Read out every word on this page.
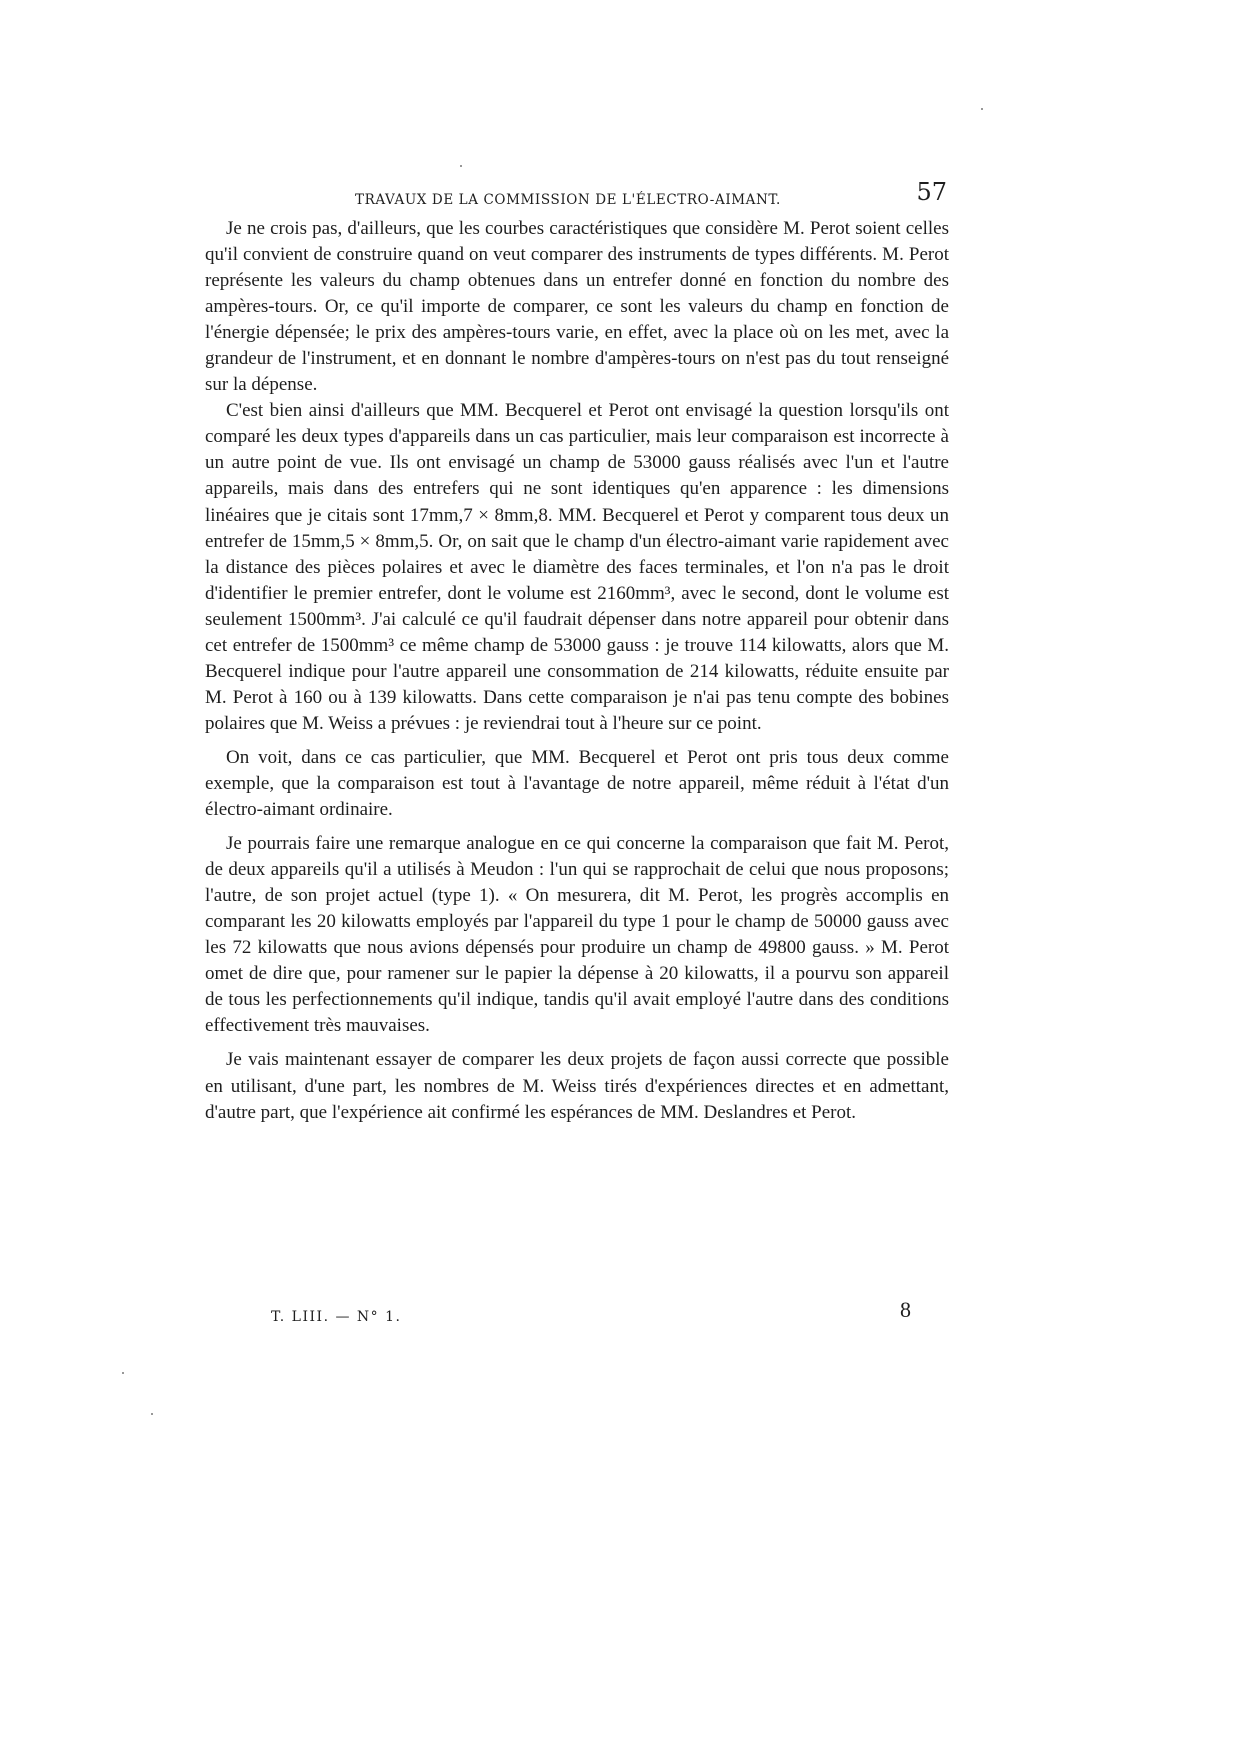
TRAVAUX DE LA COMMISSION DE L'ÉLECTRO-AIMANT.	57

Je ne crois pas, d'ailleurs, que les courbes caractéristiques que considère M. Perot soient celles qu'il convient de construire quand on veut comparer des instruments de types différents. M. Perot représente les valeurs du champ obtenues dans un entrefer donné en fonction du nombre des ampères-tours. Or, ce qu'il importe de comparer, ce sont les valeurs du champ en fonction de l'énergie dépensée; le prix des ampères-tours varie, en effet, avec la place où on les met, avec la grandeur de l'instrument, et en donnant le nombre d'ampères-tours on n'est pas du tout renseigné sur la dépense.

C'est bien ainsi d'ailleurs que MM. Becquerel et Perot ont envisagé la question lorsqu'ils ont comparé les deux types d'appareils dans un cas particulier, mais leur comparaison est incorrecte à un autre point de vue. Ils ont envisagé un champ de 53000 gauss réalisés avec l'un et l'autre appareils, mais dans des entrefers qui ne sont identiques qu'en apparence : les dimensions linéaires que je citais sont 17mm,7 × 8mm,8. MM. Becquerel et Perot y comparent tous deux un entrefer de 15mm,5 × 8mm,5. Or, on sait que le champ d'un électro-aimant varie rapidement avec la distance des pièces polaires et avec le diamètre des faces terminales, et l'on n'a pas le droit d'identifier le premier entrefer, dont le volume est 2160mm³, avec le second, dont le volume est seulement 1500mm³. J'ai calculé ce qu'il faudrait dépenser dans notre appareil pour obtenir dans cet entrefer de 1500mm³ ce même champ de 53000 gauss : je trouve 114 kilowatts, alors que M. Becquerel indique pour l'autre appareil une consommation de 214 kilowatts, réduite ensuite par M. Perot à 160 ou à 139 kilowatts. Dans cette comparaison je n'ai pas tenu compte des bobines polaires que M. Weiss a prévues : je reviendrai tout à l'heure sur ce point.

On voit, dans ce cas particulier, que MM. Becquerel et Perot ont pris tous deux comme exemple, que la comparaison est tout à l'avantage de notre appareil, même réduit à l'état d'un électro-aimant ordinaire.

Je pourrais faire une remarque analogue en ce qui concerne la comparaison que fait M. Perot, de deux appareils qu'il a utilisés à Meudon : l'un qui se rapprochait de celui que nous proposons; l'autre, de son projet actuel (type 1). « On mesurera, dit M. Perot, les progrès accomplis en comparant les 20 kilowatts employés par l'appareil du type 1 pour le champ de 50000 gauss avec les 72 kilowatts que nous avions dépensés pour produire un champ de 49800 gauss. » M. Perot omet de dire que, pour ramener sur le papier la dépense à 20 kilowatts, il a pourvu son appareil de tous les perfectionnements qu'il indique, tandis qu'il avait employé l'autre dans des conditions effectivement très mauvaises.

Je vais maintenant essayer de comparer les deux projets de façon aussi correcte que possible en utilisant, d'une part, les nombres de M. Weiss tirés d'expériences directes et en admettant, d'autre part, que l'expérience ait confirmé les espérances de MM. Deslandres et Perot.

T. LIII. — N° 1.	8
